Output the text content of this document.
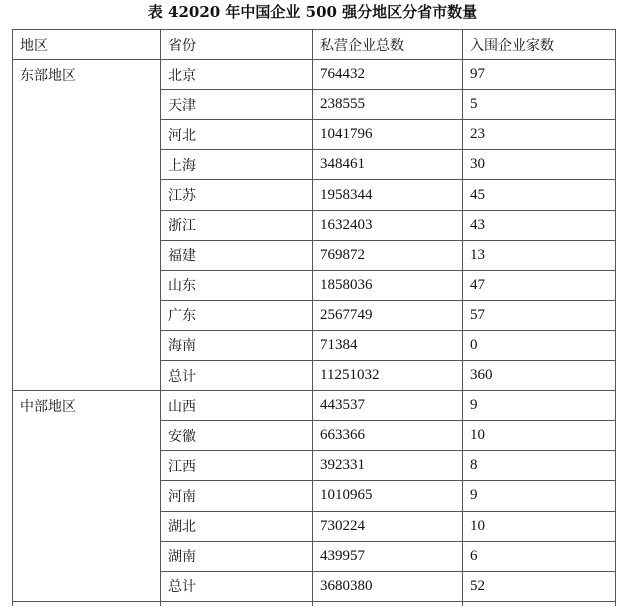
表 42020 年中国企业 500 强分地区分省市数量
地区	省份	私营企业总数	入围企业家数
东部地区	北京	764432	97
	天津	238555	5
	河北	1041796	23
	上海	348461	30
	江苏	1958344	45
	浙江	1632403	43
	福建	769872	13
	山东	1858036	47
	广东	2567749	57
	海南	71384	0
	总计	11251032	360
中部地区	山西	443537	9
	安徽	663366	10
	江西	392331	8
	河南	1010965	9
	湖北	730224	10
	湖南	439957	6
	总计	3680380	52
